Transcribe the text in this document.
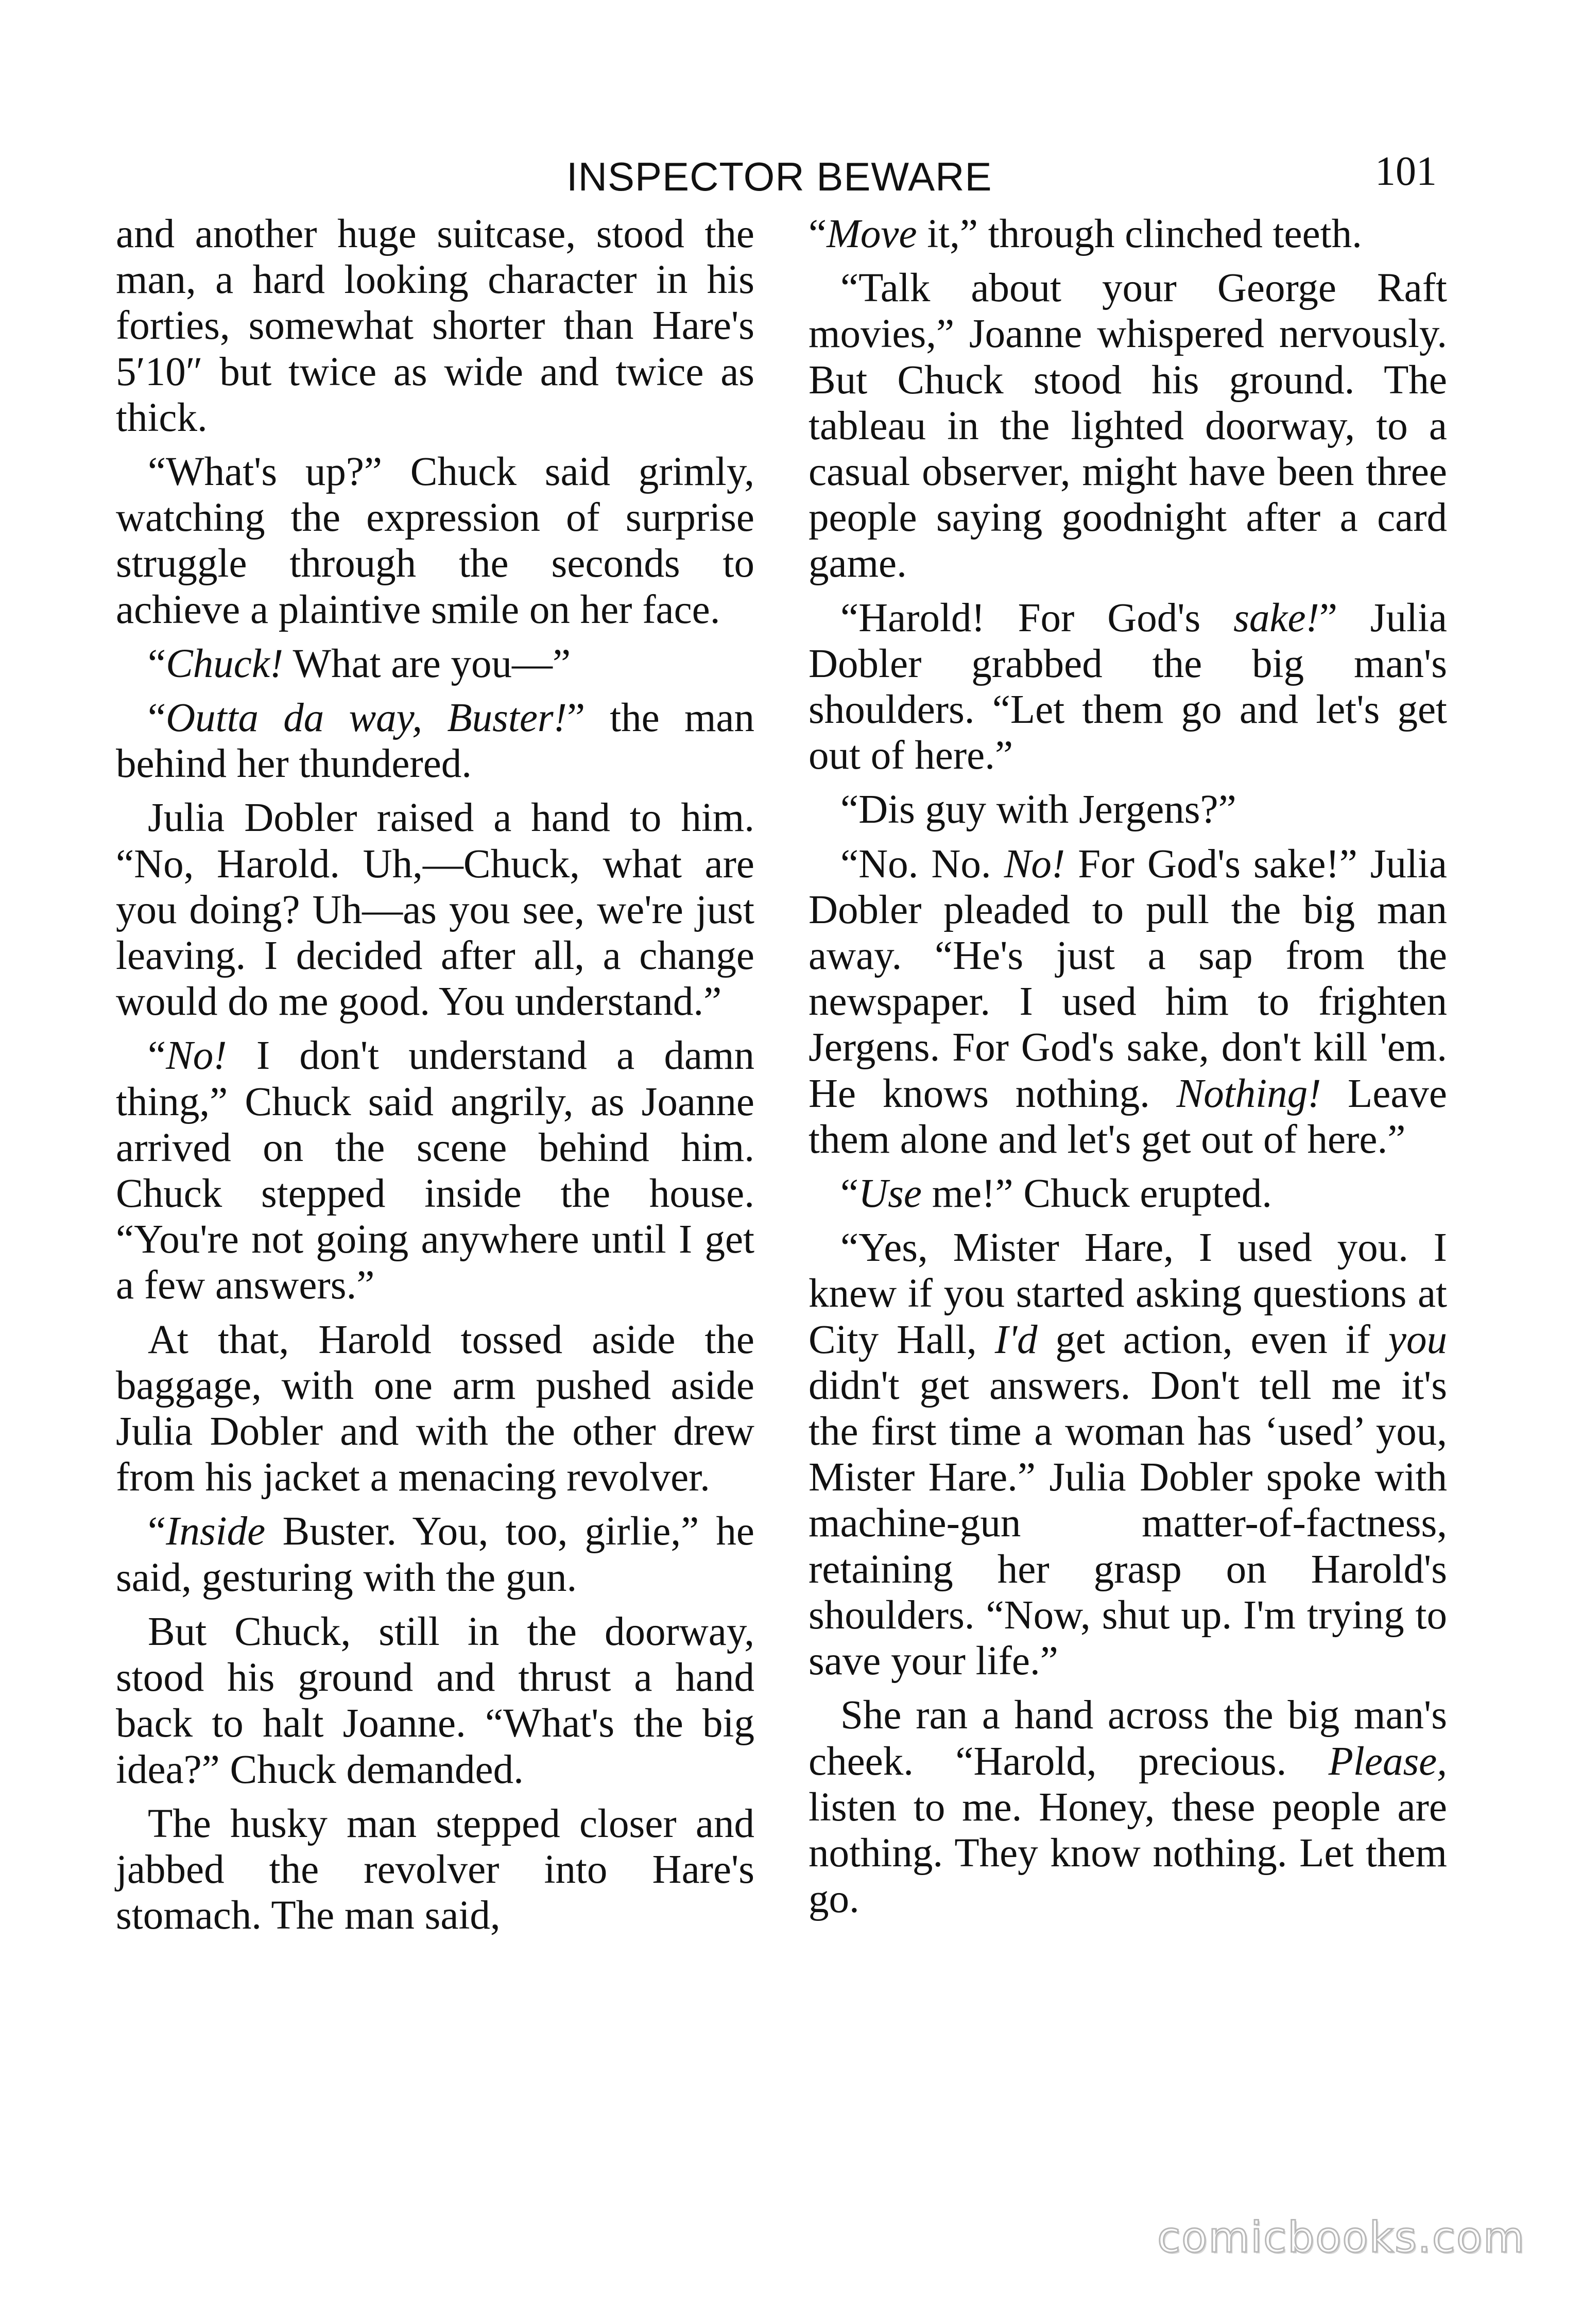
INSPECTOR BEWARE	101

and another huge suitcase, stood the man, a hard looking character in his forties, somewhat shorter than Hare's 5′10″ but twice as wide and twice as thick.

“What's up?” Chuck said grimly, watching the expression of surprise struggle through the seconds to achieve a plaintive smile on her face.

“Chuck! What are you—”

“Outta da way, Buster!” the man behind her thundered.

Julia Dobler raised a hand to him. “No, Harold. Uh,—Chuck, what are you doing? Uh—as you see, we're just leaving. I decided after all, a change would do me good. You understand.”

“No! I don't understand a damn thing,” Chuck said angrily, as Joanne arrived on the scene behind him. Chuck stepped inside the house. “You're not going anywhere until I get a few answers.”

At that, Harold tossed aside the baggage, with one arm pushed aside Julia Dobler and with the other drew from his jacket a menacing revolver.

“Inside Buster. You, too, girlie,” he said, gesturing with the gun.

But Chuck, still in the doorway, stood his ground and thrust a hand back to halt Joanne. “What's the big idea?” Chuck demanded.

The husky man stepped closer and jabbed the revolver into Hare's stomach. The man said,

“Move it,” through clinched teeth.

“Talk about your George Raft movies,” Joanne whispered nervously. But Chuck stood his ground. The tableau in the lighted doorway, to a casual observer, might have been three people saying goodnight after a card game.

“Harold! For God's sake!” Julia Dobler grabbed the big man's shoulders. “Let them go and let's get out of here.”

“Dis guy with Jergens?”

“No. No. No! For God's sake!” Julia Dobler pleaded to pull the big man away. “He's just a sap from the newspaper. I used him to frighten Jergens. For God's sake, don't kill 'em. He knows nothing. Nothing! Leave them alone and let's get out of here.”

“Use me!” Chuck erupted.

“Yes, Mister Hare, I used you. I knew if you started asking questions at City Hall, I'd get action, even if you didn't get answers. Don't tell me it's the first time a woman has ‘used’ you, Mister Hare.” Julia Dobler spoke with machine-gun matter-of-factness, retaining her grasp on Harold's shoulders. “Now, shut up. I'm trying to save your life.”

She ran a hand across the big man's cheek. “Harold, precious. Please, listen to me. Honey, these people are nothing. They know nothing. Let them go.

comicbooks.com
